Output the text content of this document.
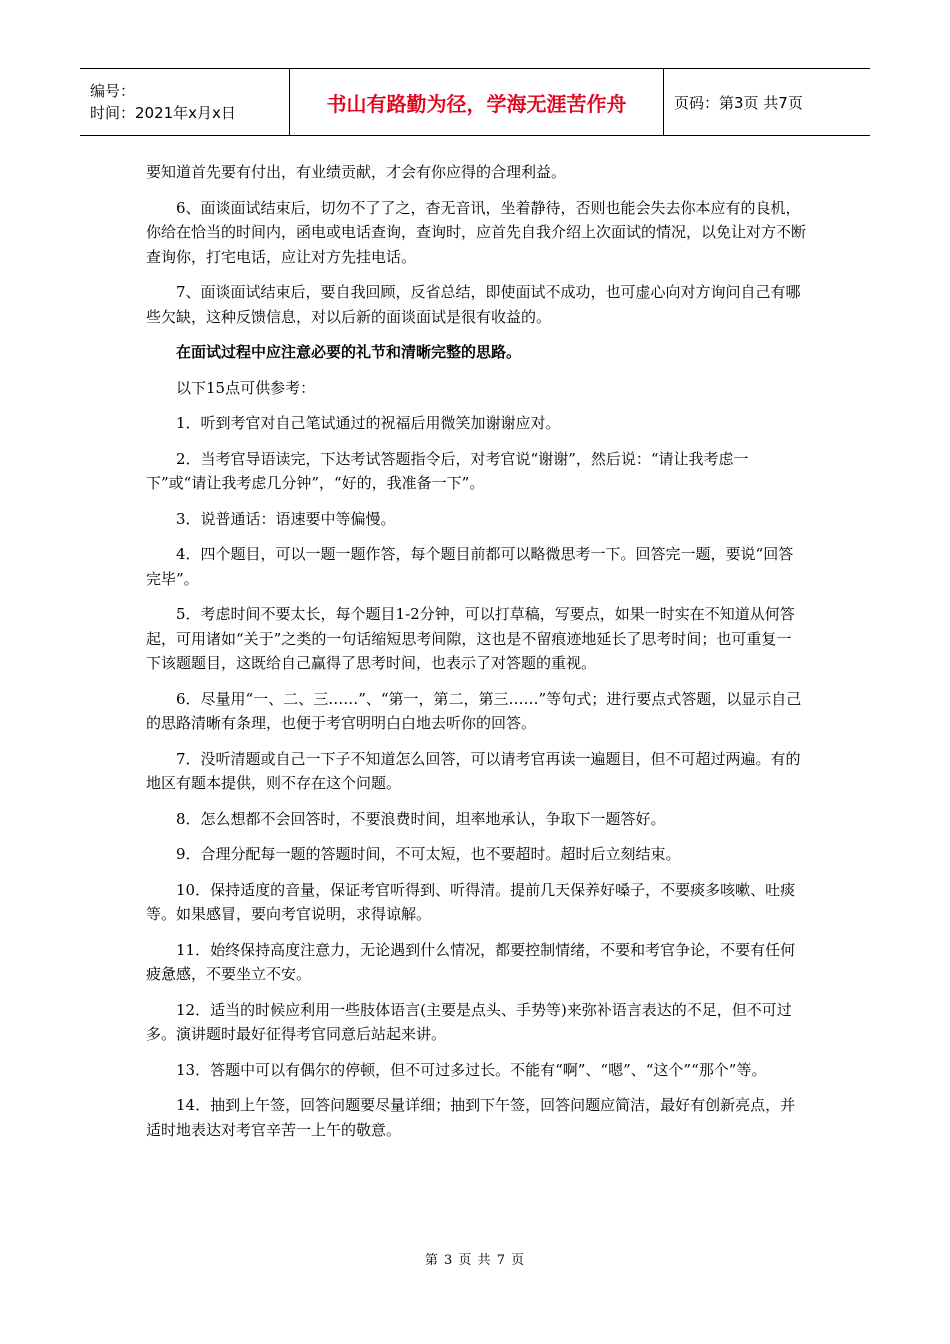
编号：
时间：2021年x月x日	书山有路勤为径，学海无涯苦作舟	页码：第3页 共7页

要知道首先要有付出，有业绩贡献，才会有你应得的合理利益。

6、面谈面试结束后，切勿不了了之，杳无音讯，坐着静待，否则也能会失去你本应有的良机，你给在恰当的时间内，函电或电话查询，查询时，应首先自我介绍上次面试的情况，以免让对方不断查询你，打宅电话，应让对方先挂电话。

7、面谈面试结束后，要自我回顾，反省总结，即使面试不成功，也可虚心向对方询问自己有哪些欠缺，这种反馈信息，对以后新的面谈面试是很有收益的。

在面试过程中应注意必要的礼节和清晰完整的思路。

以下15点可供参考：

1．听到考官对自己笔试通过的祝福后用微笑加谢谢应对。

2．当考官导语读完，下达考试答题指令后，对考官说“谢谢”，然后说：“请让我考虑一下”或“请让我考虑几分钟”，“好的，我准备一下”。

3．说普通话：语速要中等偏慢。

4．四个题目，可以一题一题作答，每个题目前都可以略微思考一下。回答完一题，要说“回答完毕”。

5．考虑时间不要太长，每个题目1-2分钟，可以打草稿，写要点，如果一时实在不知道从何答起，可用诸如“关于”之类的一句话缩短思考间隙，这也是不留痕迹地延长了思考时间；也可重复一下该题题目，这既给自己赢得了思考时间，也表示了对答题的重视。

6．尽量用“一、二、三……”、“第一，第二，第三……”等句式；进行要点式答题，以显示自己的思路清晰有条理，也便于考官明明白白地去听你的回答。

7．没听清题或自己一下子不知道怎么回答，可以请考官再读一遍题目，但不可超过两遍。有的地区有题本提供，则不存在这个问题。

8．怎么想都不会回答时，不要浪费时间，坦率地承认，争取下一题答好。

9．合理分配每一题的答题时间，不可太短，也不要超时。超时后立刻结束。

10．保持适度的音量，保证考官听得到、听得清。提前几天保养好嗓子，不要痰多咳嗽、吐痰等。如果感冒，要向考官说明，求得谅解。

11．始终保持高度注意力，无论遇到什么情况，都要控制情绪，不要和考官争论，不要有任何疲惫感，不要坐立不安。

12．适当的时候应利用一些肢体语言(主要是点头、手势等)来弥补语言表达的不足，但不可过多。演讲题时最好征得考官同意后站起来讲。

13．答题中可以有偶尔的停顿，但不可过多过长。不能有“啊”、“嗯”、“这个”“那个”等。

14．抽到上午签，回答问题要尽量详细；抽到下午签，回答问题应简洁，最好有创新亮点，并适时地表达对考官辛苦一上午的敬意。

第 3 页 共 7 页
